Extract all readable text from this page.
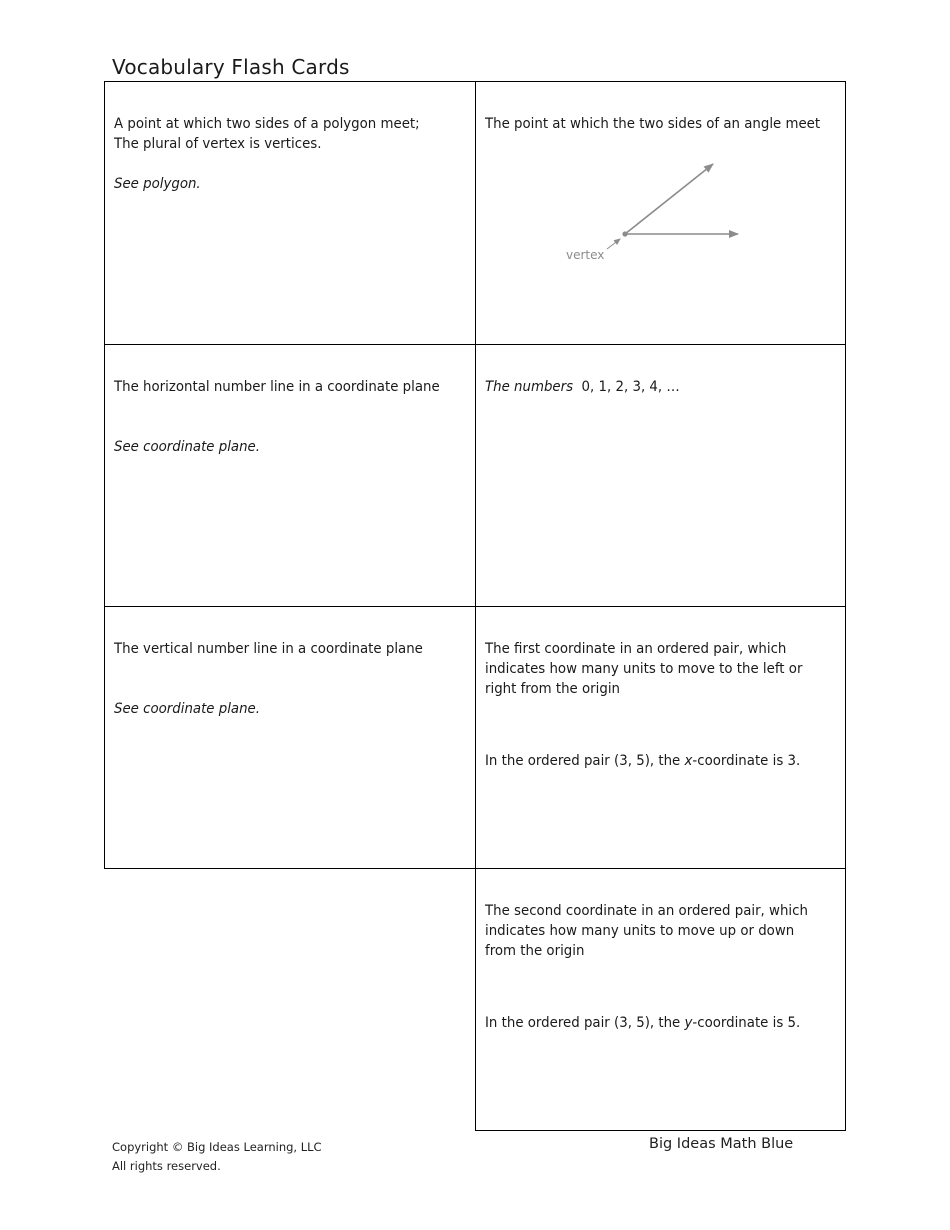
Vocabulary Flash Cards
A point at which two sides of a polygon meet;
The plural of vertex is vertices.
See polygon.
The point at which the two sides of an angle meet
vertex
The horizontal number line in a coordinate plane
See coordinate plane.
The numbers 0, 1, 2, 3, 4, …
The vertical number line in a coordinate plane
See coordinate plane.
The first coordinate in an ordered pair, which
indicates how many units to move to the left or
right from the origin
In the ordered pair (3, 5), the x-coordinate is 3.
The second coordinate in an ordered pair, which
indicates how many units to move up or down
from the origin
In the ordered pair (3, 5), the y-coordinate is 5.
Copyright © Big Ideas Learning, LLC
All rights reserved.
Big Ideas Math Blue
